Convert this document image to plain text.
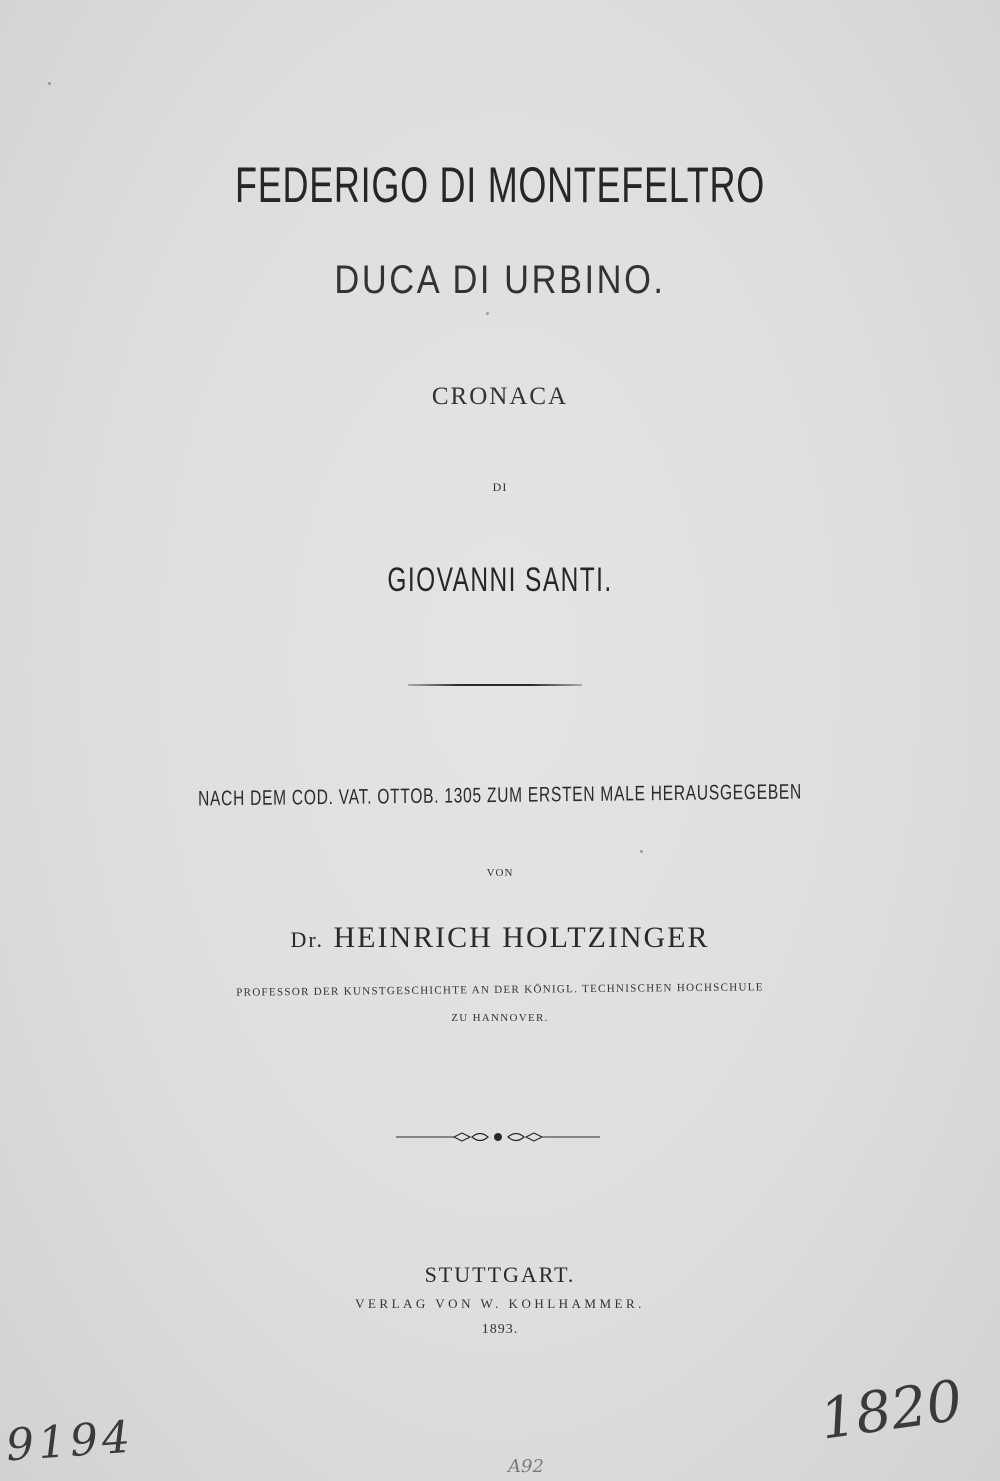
FEDERIGO DI MONTEFELTRO
DUCA DI URBINO.
CRONACA
DI
GIOVANNI SANTI.
NACH DEM COD. VAT. OTTOB. 1305 ZUM ERSTEN MALE HERAUSGEGEBEN
VON
Dr. HEINRICH HOLTZINGER
PROFESSOR DER KUNSTGESCHICHTE AN DER KÖNIGL. TECHNISCHEN HOCHSCHULE
ZU HANNOVER.
STUTTGART.
VERLAG VON W. KOHLHAMMER.
1893.
9194	1820
A92
